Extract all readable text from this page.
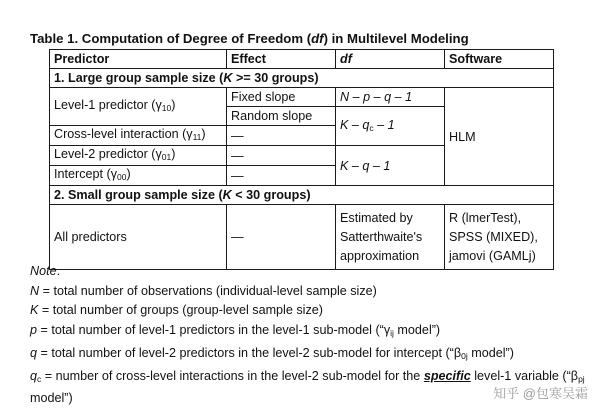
Table 1. Computation of Degree of Freedom (df) in Multilevel Modeling
Predictor	Effect	df	Software
1. Large group sample size (K >= 30 groups)			
Level-1 predictor $(\gamma_{10})$	Fixed slope	N – p – q – 1	HLM
	Random slope	K – $q_c - 1$	
Cross-level interaction $(\gamma_{11})$	—		
Level-2 predictor $(\gamma_{01})$	—	K – q – 1	
Intercept $(\gamma_{00})$	—		
2. Small group sample size (K < 30 groups)			
All predictors	—	Estimated by Satterthwaite's approximation	R (lmerTest),
SPSS (MIXED),
jamovi (GAMLj)

Note.

N = total number of observations (individual-level sample size)

K = total number of groups (group-level sample size)

p = total number of level-1 predictors in the level-1 sub-model (“$\gamma_{ij}$ model”)

q = total number of level-2 predictors in the level-2 sub-model for intercept (“$\beta_{0j}$ model”)

$q_c$ = number of cross-level interactions in the level-2 sub-model for the specific level-1 variable (“$\beta_{pj}$ model”)	知乎 @包寒吴霜
